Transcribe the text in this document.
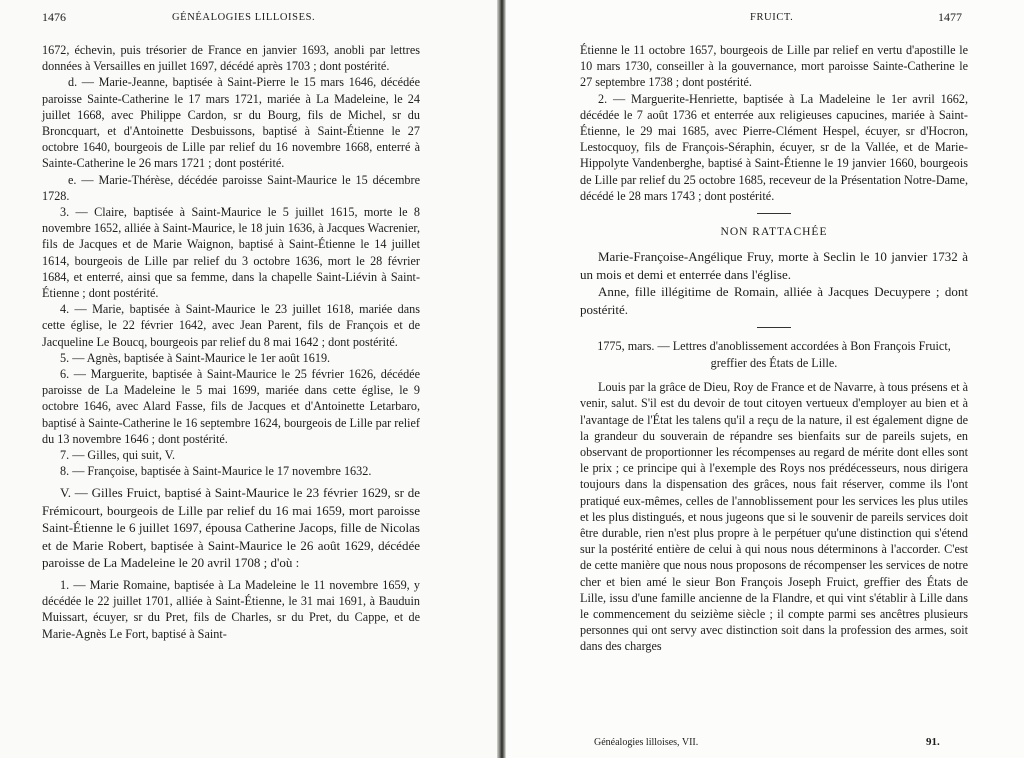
1476	GÉNÉALOGIES LILLOISES.

1672, échevin, puis trésorier de France en janvier 1693, anobli par lettres données à Versailles en juillet 1697, décédé après 1703 ; dont postérité.

d. — Marie-Jeanne, baptisée à Saint-Pierre le 15 mars 1646, décédée paroisse Sainte-Catherine le 17 mars 1721, mariée à La Madeleine, le 24 juillet 1668, avec Philippe Cardon, sr du Bourg, fils de Michel, sr du Broncquart, et d'Antoinette Desbuissons, baptisé à Saint-Étienne le 27 octobre 1640, bourgeois de Lille par relief du 16 novembre 1668, enterré à Sainte-Catherine le 26 mars 1721 ; dont postérité.

e. — Marie-Thérèse, décédée paroisse Saint-Maurice le 15 décembre 1728.

3. — Claire, baptisée à Saint-Maurice le 5 juillet 1615, morte le 8 novembre 1652, alliée à Saint-Maurice, le 18 juin 1636, à Jacques Wacrenier, fils de Jacques et de Marie Waignon, baptisé à Saint-Étienne le 14 juillet 1614, bourgeois de Lille par relief du 3 octobre 1636, mort le 28 février 1684, et enterré, ainsi que sa femme, dans la chapelle Saint-Liévin à Saint-Étienne ; dont postérité.

4. — Marie, baptisée à Saint-Maurice le 23 juillet 1618, mariée dans cette église, le 22 février 1642, avec Jean Parent, fils de François et de Jacqueline Le Boucq, bourgeois par relief du 8 mai 1642 ; dont postérité.

5. — Agnès, baptisée à Saint-Maurice le 1er août 1619.

6. — Marguerite, baptisée à Saint-Maurice le 25 février 1626, décédée paroisse de La Madeleine le 5 mai 1699, mariée dans cette église, le 9 octobre 1646, avec Alard Fasse, fils de Jacques et d'Antoinette Letarbaro, baptisé à Sainte-Catherine le 16 septembre 1624, bourgeois de Lille par relief du 13 novembre 1646 ; dont postérité.

7. — Gilles, qui suit, V.

8. — Françoise, baptisée à Saint-Maurice le 17 novembre 1632.

V. — Gilles Fruict, baptisé à Saint-Maurice le 23 février 1629, sr de Frémicourt, bourgeois de Lille par relief du 16 mai 1659, mort paroisse Saint-Étienne le 6 juillet 1697, épousa Catherine Jacops, fille de Nicolas et de Marie Robert, baptisée à Saint-Maurice le 26 août 1629, décédée paroisse de La Madeleine le 20 avril 1708 ; d'où :

1. — Marie Romaine, baptisée à La Madeleine le 11 novembre 1659, y décédée le 22 juillet 1701, alliée à Saint-Étienne, le 31 mai 1691, à Bauduin Muissart, écuyer, sr du Pret, fils de Charles, sr du Pret, du Cappe, et de Marie-Agnès Le Fort, baptisé à Saint-

FRUICT.	1477

Étienne le 11 octobre 1657, bourgeois de Lille par relief en vertu d'apostille le 10 mars 1730, conseiller à la gouvernance, mort paroisse Sainte-Catherine le 27 septembre 1738 ; dont postérité.

2. — Marguerite-Henriette, baptisée à La Madeleine le 1er avril 1662, décédée le 7 août 1736 et enterrée aux religieuses capucines, mariée à Saint-Étienne, le 29 mai 1685, avec Pierre-Clément Hespel, écuyer, sr d'Hocron, Lestocquoy, fils de François-Séraphin, écuyer, sr de la Vallée, et de Marie-Hippolyte Vandenberghe, baptisé à Saint-Étienne le 19 janvier 1660, bourgeois de Lille par relief du 25 octobre 1685, receveur de la Présentation Notre-Dame, décédé le 28 mars 1743 ; dont postérité.

NON RATTACHÉE

Marie-Françoise-Angélique Fruy, morte à Seclin le 10 janvier 1732 à un mois et demi et enterrée dans l'église.

Anne, fille illégitime de Romain, alliée à Jacques Decuypere ; dont postérité.

1775, mars. — Lettres d'anoblissement accordées à Bon François Fruict, greffier des États de Lille.

Louis par la grâce de Dieu, Roy de France et de Navarre, à tous présens et à venir, salut. S'il est du devoir de tout citoyen vertueux d'employer au bien et à l'avantage de l'État les talens qu'il a reçu de la nature, il est également digne de la grandeur du souverain de répandre ses bienfaits sur de pareils sujets, en observant de proportionner les récompenses au regard de mérite dont elles sont le prix ; ce principe qui à l'exemple des Roys nos prédécesseurs, nous dirigera toujours dans la dispensation des grâces, nous fait réserver, comme ils l'ont pratiqué eux-mêmes, celles de l'annoblissement pour les services les plus utiles et les plus distingués, et nous jugeons que si le souvenir de pareils services doit être durable, rien n'est plus propre à le perpétuer qu'une distinction qui s'étend sur la postérité entière de celui à qui nous nous déterminons à l'accorder. C'est de cette manière que nous nous proposons de récompenser les services de notre cher et bien amé le sieur Bon François Joseph Fruict, greffier des États de Lille, issu d'une famille ancienne de la Flandre, et qui vint s'établir à Lille dans le commencement du seizième siècle ; il compte parmi ses ancêtres plusieurs personnes qui ont servy avec distinction soit dans la profession des armes, soit dans des charges

Généalogies lilloises, VII.	91.
